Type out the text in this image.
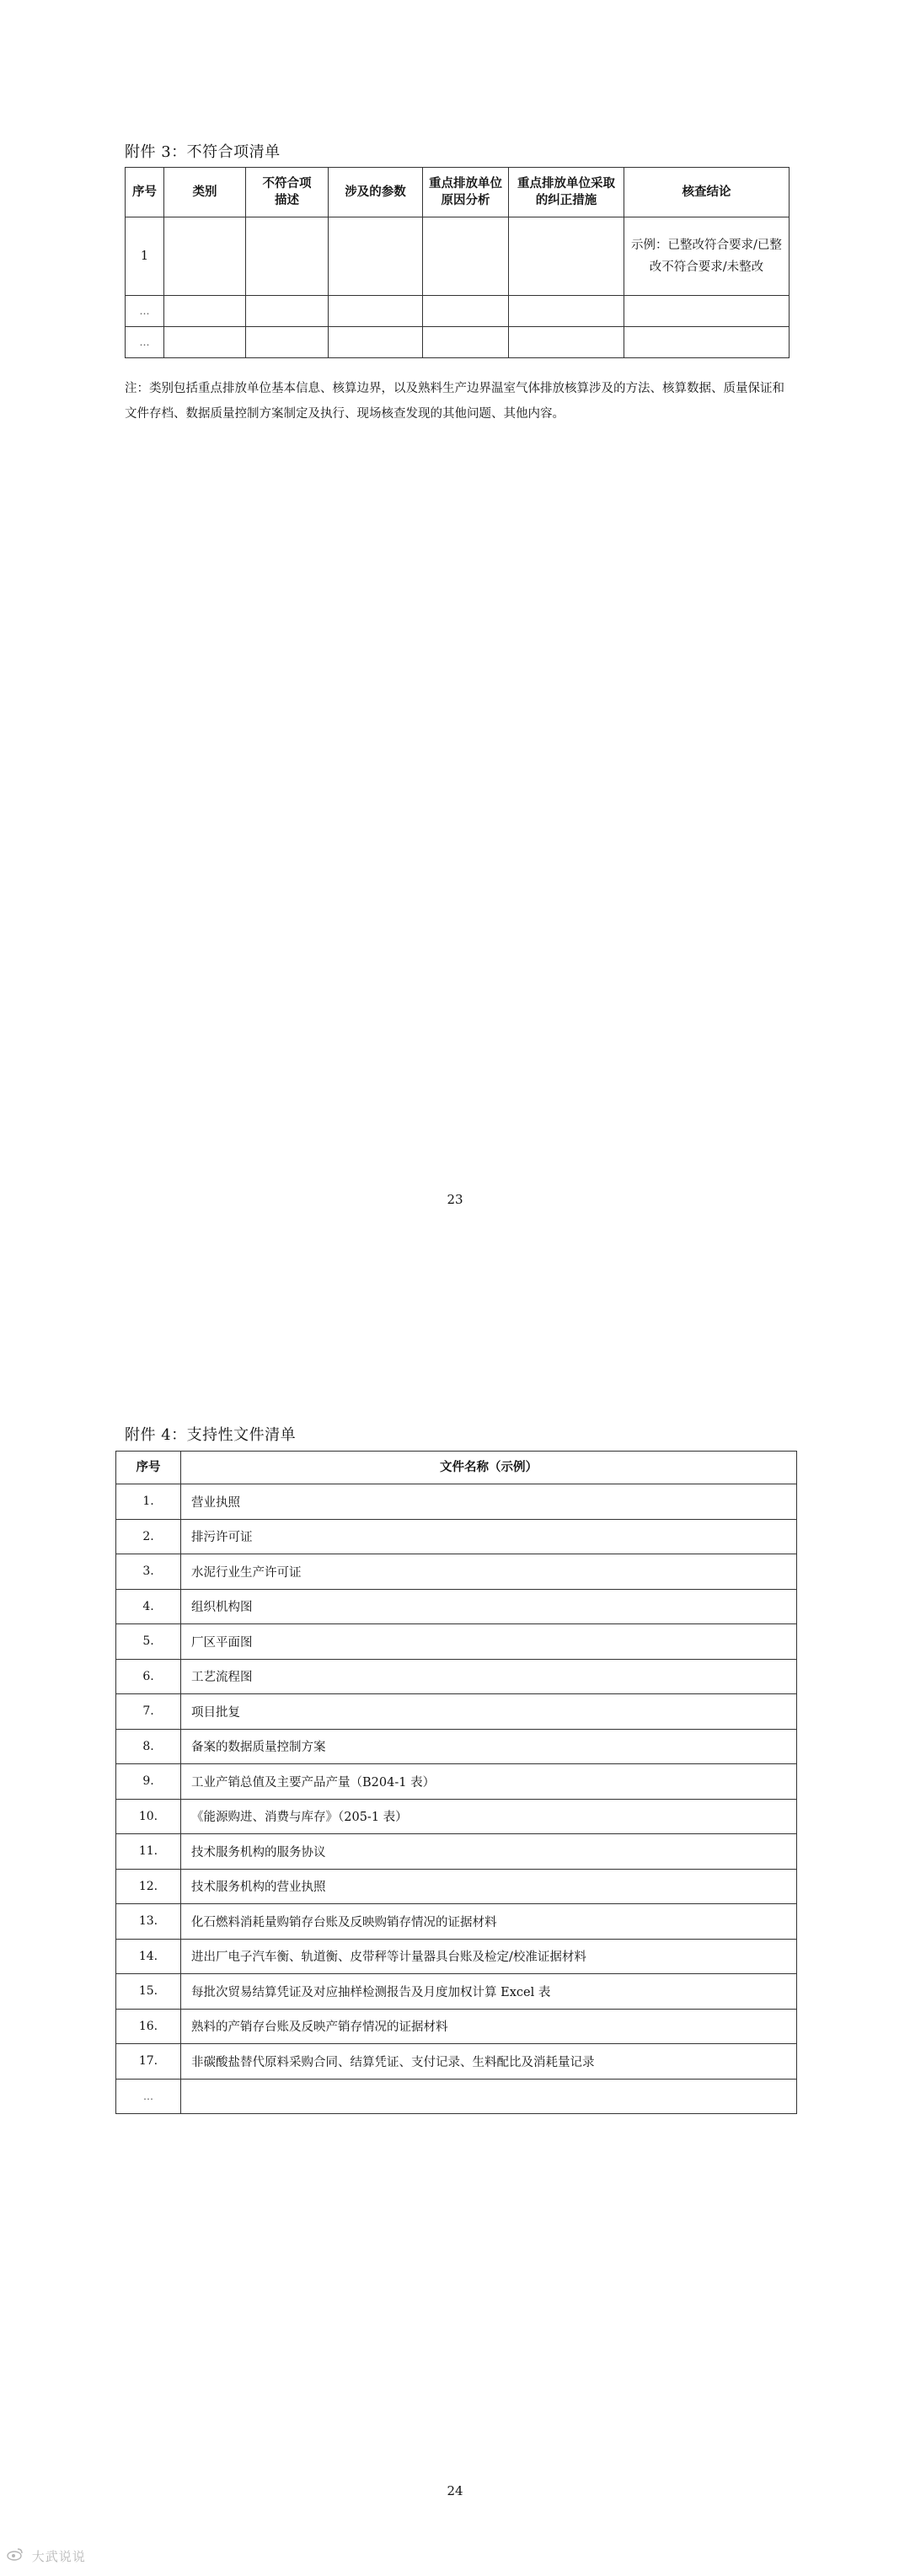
附件 3：不符合项清单
序号	类别	不符合项描述	涉及的参数	重点排放单位原因分析	重点排放单位采取的纠正措施	核查结论
1						示例：已整改符合要求/已整改不符合要求/未整改

…						
…						
注：类别包括重点排放单位基本信息、核算边界，以及熟料生产边界温室气体排放核算涉及的方法、核算数据、质量保证和文件存档、数据质量控制方案制定及执行、现场核查发现的其他问题、其他内容。
23
附件 4：支持性文件清单
序号	文件名称（示例）
1.	营业执照
2.	排污许可证
3.	水泥行业生产许可证
4.	组织机构图
5.	厂区平面图
6.	工艺流程图
7.	项目批复
8.	备案的数据质量控制方案
9.	工业产销总值及主要产品产量（B204-1 表）
10.	《能源购进、消费与库存》（205-1 表）
11.	技术服务机构的服务协议
12.	技术服务机构的营业执照
13.	化石燃料消耗量购销存台账及反映购销存情况的证据材料
14.	进出厂电子汽车衡、轨道衡、皮带秤等计量器具台账及检定/校准证据材料
15.	每批次贸易结算凭证及对应抽样检测报告及月度加权计算 Excel 表
16.	熟料的产销存台账及反映产销存情况的证据材料
17.	非碳酸盐替代原料采购合同、结算凭证、支付记录、生料配比及消耗量记录
…	
24
大武说说
